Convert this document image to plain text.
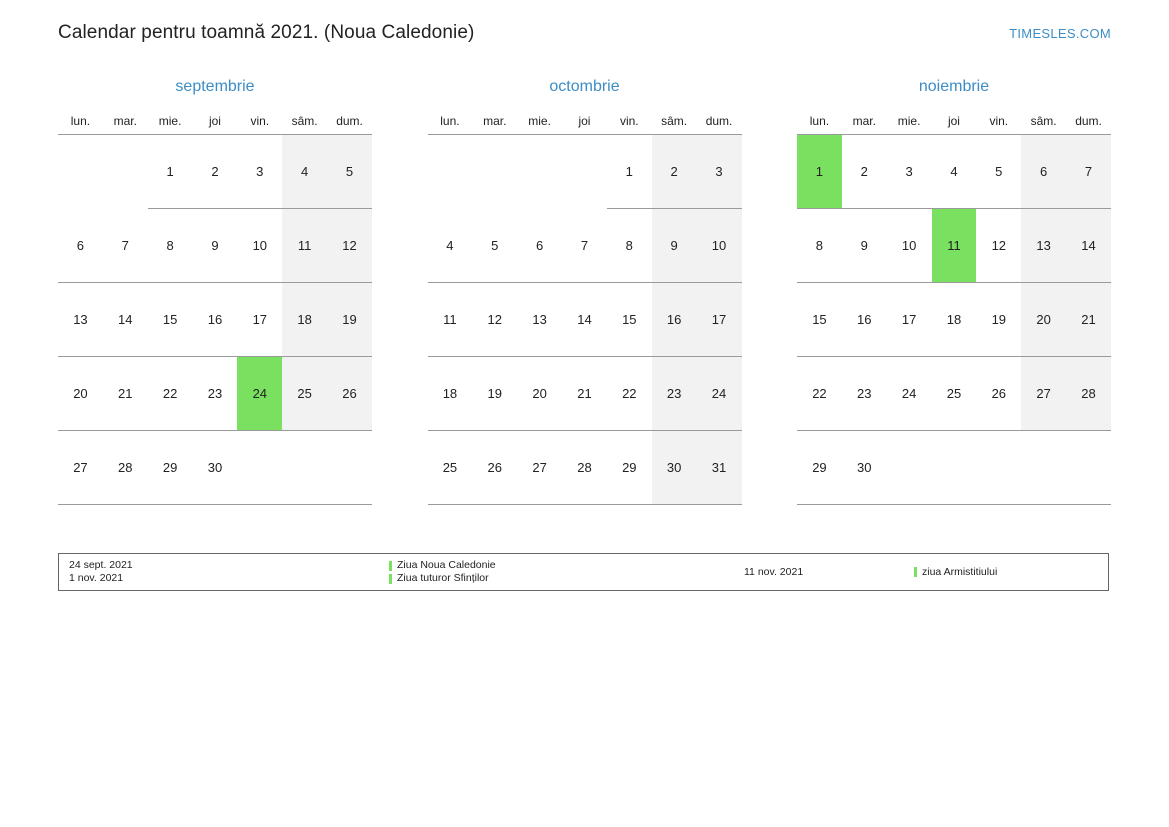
Calendar pentru toamnă 2021. (Noua Caledonie)	TIMESLES.COM
septembrie
lun.	mar.	mie.	joi	vin.	sâm.	dum.
		1	2	3	4	5
6	7	8	9	10	11	12
13	14	15	16	17	18	19
20	21	22	23	24	25	26
27	28	29	30			
octombrie
lun.	mar.	mie.	joi	vin.	sâm.	dum.
				1	2	3
4	5	6	7	8	9	10
11	12	13	14	15	16	17
18	19	20	21	22	23	24
25	26	27	28	29	30	31
noiembrie
lun.	mar.	mie.	joi	vin.	sâm.	dum.
1	2	3	4	5	6	7
8	9	10	11	12	13	14
15	16	17	18	19	20	21
22	23	24	25	26	27	28
29	30					
24 sept. 2021
1 nov. 2021
Ziua Noua Caledonie
Ziua tuturor Sfinților
11 nov. 2021	ziua Armistitiului
